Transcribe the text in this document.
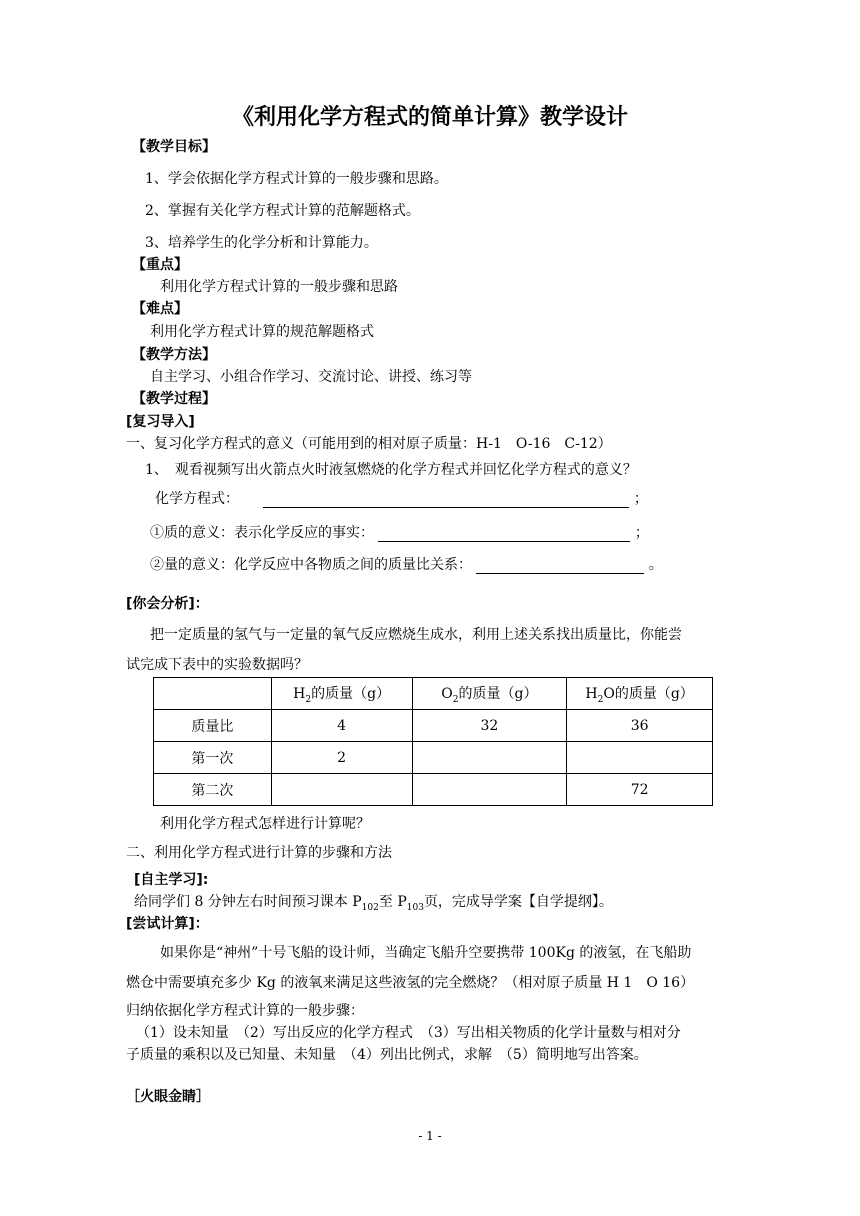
《利用化学方程式的简单计算》教学设计
【教学目标】
1、学会依据化学方程式计算的一般步骤和思路。
2、掌握有关化学方程式计算的范解题格式。
3、培养学生的化学分析和计算能力。
【重点】
利用化学方程式计算的一般步骤和思路
【难点】
利用化学方程式计算的规范解题格式
【教学方法】
自主学习、小组合作学习、交流讨论、讲授、练习等
【教学过程】
[复习导入]
一、复习化学方程式的意义（可能用到的相对原子质量：H-1　O-16　C-12）
1、　观看视频写出火箭点火时液氢燃烧的化学方程式并回忆化学方程式的意义？
化学方程式：	；
①质的意义：表示化学反应的事实：	；
②量的意义：化学反应中各物质之间的质量比关系：	。
[你会分析]：
把一定质量的氢气与一定量的氧气反应燃烧生成水，利用上述关系找出质量比，你能尝
试完成下表中的实验数据吗？
	$H_2$的质量（g）	$O_2$的质量（g）	$H_2O$的质量（g）
质量比	4	32	36
第一次	2		
第二次			72
利用化学方程式怎样进行计算呢？
二、利用化学方程式进行计算的步骤和方法
[自主学习]:
给同学们 8 分钟左右时间预习课本 $P_{102}$至 $P_{103}$页，完成导学案【自学提纲】。
[尝试计算]：
如果你是“神州”十号飞船的设计师，当确定飞船升空要携带 100Kg 的液氢，在飞船助
燃仓中需要填充多少 Kg 的液氧来满足这些液氢的完全燃烧？（相对原子质量 H 1　O 16）
归纳依据化学方程式计算的一般步骤：
（1）设未知量　（2）写出反应的化学方程式　（3）写出相关物质的化学计量数与相对分
子质量的乘积以及已知量、未知量　（4）列出比例式，求解　（5）简明地写出答案。
［火眼金睛］
- 1 -
